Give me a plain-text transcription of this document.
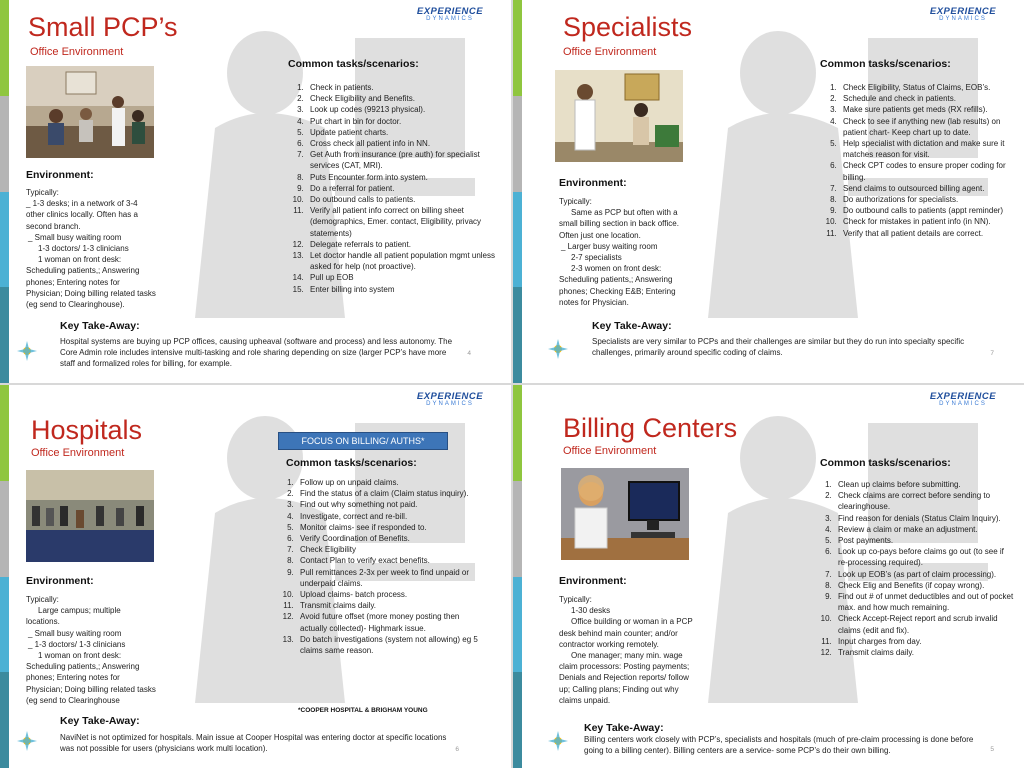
Small PCP’s
Office Environment
EXPERIENCE
DYNAMICS
Common tasks/scenarios:
1. Check in patients.
2. Check Eligibility and Benefits.
3. Look up codes (99213 physical).
4. Put chart in bin for doctor.
5. Update patient charts.
6. Cross check all patient info in NN.
7. Get Auth from insurance (pre auth) for specialist services (CAT, MRI).
8. Puts Encounter form into system.
9. Do a referral for patient.
10. Do outbound calls to patients.
11. Verify all patient info correct on billing sheet (demographics, Emer. contact, Eligibility, privacy statements)
12. Delegate referrals to patient.
13. Let doctor handle all patient population mgmt unless asked for help (not proactive).
14. Pull up EOB
15. Enter billing into system
Environment:
Typically:
_ 1-3 desks; in a network of 3-4 other clinics locally. Often has a second branch.
_ Small busy waiting room
1-3 doctors/ 1-3 clinicians
1 woman on front desk:
Scheduling patients,; Answering phones; Entering notes for Physician; Doing billing related tasks (eg send to Clearinghouse).
Key Take-Away:
Hospital systems are buying up PCP offices, causing upheaval (software and process) and less autonomy. The Core Admin role includes intensive multi-tasking and role sharing depending on size (larger PCP’s have more staff and formalized roles for billing, for example.
4
Specialists
Office Environment
EXPERIENCE
DYNAMICS
Common tasks/scenarios:
1. Check Eligibility, Status of Claims, EOB’s.
2. Schedule and check in patients.
3. Make sure patients get meds (RX refills).
4. Check to see if anything new (lab results) on patient chart- Keep chart up to date.
5. Help specialist with dictation and make sure it matches reason for visit.
6. Check CPT codes to ensure proper coding for billing.
7. Send claims to outsourced billing agent.
8. Do authorizations for specialists.
9. Do outbound calls to patients (appt reminder)
10. Check for mistakes in patient info (in NN).
11. Verify that all patient details are correct.
Environment:
Typically:
Same as PCP but often with a small billing section in back office. Often just one location.
_ Larger busy waiting room
2-7 specialists
2-3 women on front desk:
Scheduling patients,; Answering phones; Checking E&B; Entering notes for Physician.
Key Take-Away:
Specialists are very similar to PCPs and their challenges are similar but they do run into specialty specific challenges, primarily around specific coding of claims.	7
Hospitals
Office Environment
EXPERIENCE
DYNAMICS
FOCUS ON BILLING/ AUTHS*
Common tasks/scenarios:
1. Follow up on unpaid claims.
2. Find the status of a claim (Claim status inquiry).
3. Find out why something not paid.
4. Investigate, correct and re-bill.
5. Monitor claims- see if responded to.
6. Verify Coordination of Benefits.
7. Check Eligibility
8. Contact Plan to verify exact benefits.
9. Pull remittances 2-3x per week to find unpaid or underpaid claims.
10. Upload claims- batch process.
11. Transmit claims daily.
12. Avoid future offset (more money posting then actually collected)- Highmark issue.
13. Do batch investigations (system not allowing) eg 5 claims same reason.
Environment:
Typically:
Large campus; multiple locations.
_ Small busy waiting room
_ 1-3 doctors/ 1-3 clinicians
1 woman on front desk:
Scheduling patients,; Answering phones; Entering notes for Physician; Doing billing related tasks (eg send to Clearinghouse
*COOPER HOSPITAL & BRIGHAM YOUNG
Key Take-Away:
NaviNet is not optimized for hospitals. Main issue at Cooper Hospital was entering doctor at specific locations was not possible for users (physicians work multi location).	6
Billing Centers
Office Environment
EXPERIENCE
DYNAMICS
Common tasks/scenarios:
1. Clean up claims before submitting.
2. Check claims are correct before sending to clearinghouse.
3. Find reason for denials (Status Claim Inquiry).
4. Review a claim or make an adjustment.
5. Post payments.
6. Look up co-pays before claims go out (to see if re-processing required).
7. Look up EOB’s (as part of claim processing).
8. Check Elig and Benefits (if copay wrong).
9. Find out # of unmet deductibles and out of pocket max. and how much remaining.
10. Check Accept-Reject report and scrub invalid claims (edit and fix).
11. Input charges from day.
12. Transmit claims daily.
Environment:
Typically:
1-30 desks
Office building or woman in a PCP desk behind main counter; and/or contractor working remotely.
One manager; many min. wage claim processors: Posting payments; Denials and Rejection reports/ follow up; Calling plans; Finding out why claims unpaid.
Key Take-Away:
Billing centers work closely with PCP’s, specialists and hospitals (much of pre-claim processing is done before going to a billing center). Billing centers are a service- some PCP’s do their own billing.	5
